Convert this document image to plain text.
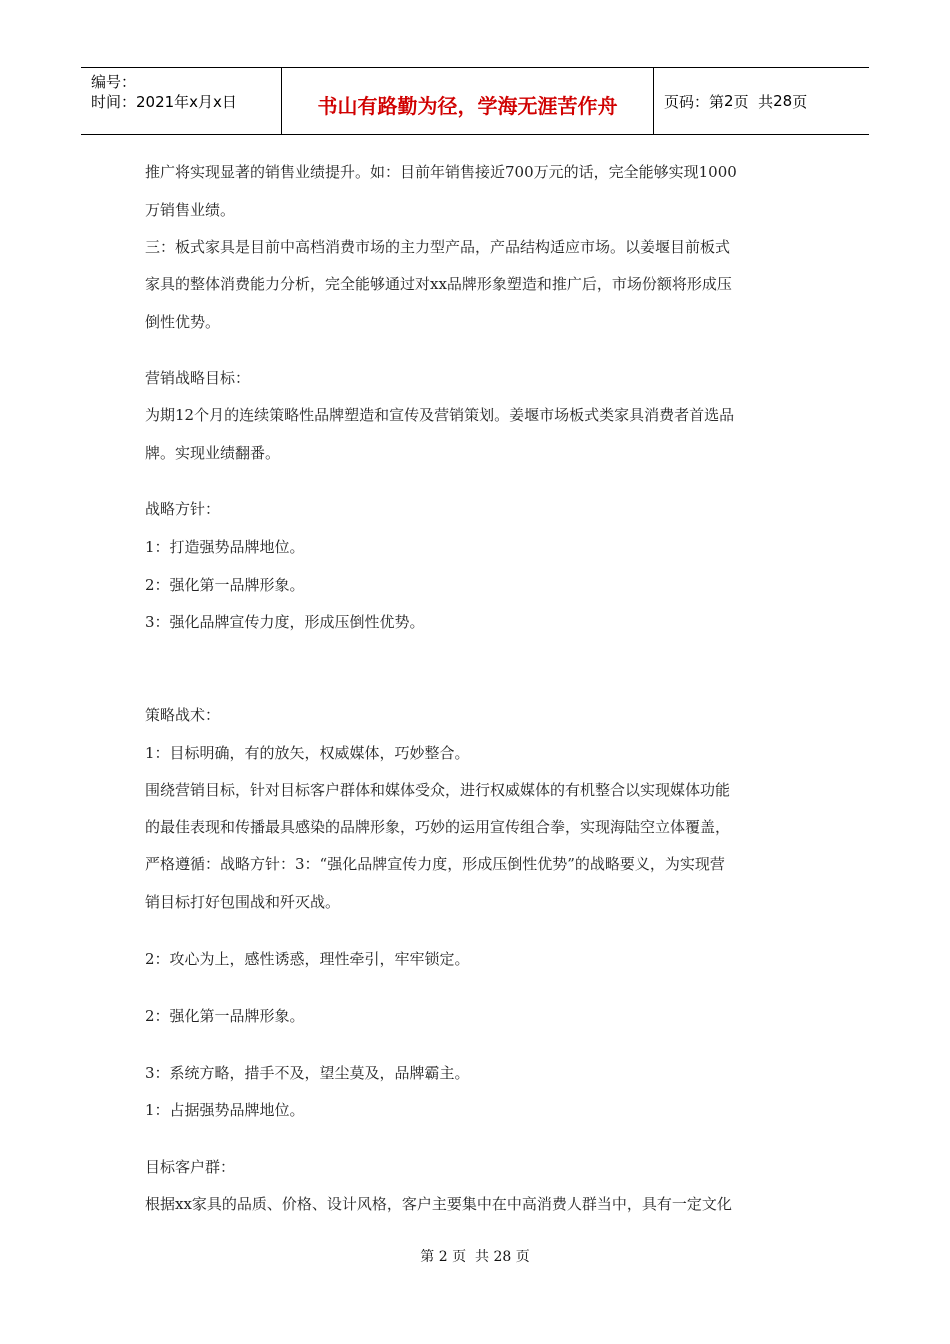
编号：
时间：2021年x月x日	书山有路勤为径，学海无涯苦作舟	页码：第 2 页  共 28 页
推广将实现显著的销售业绩提升。如：目前年销售接近700万元的话，完全能够实现1000
万销售业绩。
三：板式家具是目前中高档消费市场的主力型产品，产品结构适应市场。以姜堰目前板式
家具的整体消费能力分析，完全能够通过对xx品牌形象塑造和推广后，市场份额将形成压
倒性优势。
营销战略目标：
为期12个月的连续策略性品牌塑造和宣传及营销策划。姜堰市场板式类家具消费者首选品
牌。实现业绩翻番。
战略方针：
1：打造强势品牌地位。
2：强化第一品牌形象。
3：强化品牌宣传力度，形成压倒性优势。
策略战术：
1：目标明确，有的放矢，权威媒体，巧妙整合。
围绕营销目标，针对目标客户群体和媒体受众，进行权威媒体的有机整合以实现媒体功能
的最佳表现和传播最具感染的品牌形象，巧妙的运用宣传组合拳，实现海陆空立体覆盖，
严格遵循：战略方针：3：“强化品牌宣传力度，形成压倒性优势”的战略要义，为实现营
销目标打好包围战和歼灭战。
2：攻心为上，感性诱惑，理性牵引，牢牢锁定。
2：强化第一品牌形象。
3：系统方略，措手不及，望尘莫及，品牌霸主。
1：占据强势品牌地位。
目标客户群：
根据xx家具的品质、价格、设计风格，客户主要集中在中高消费人群当中，具有一定文化
第 2 页  共 28 页
